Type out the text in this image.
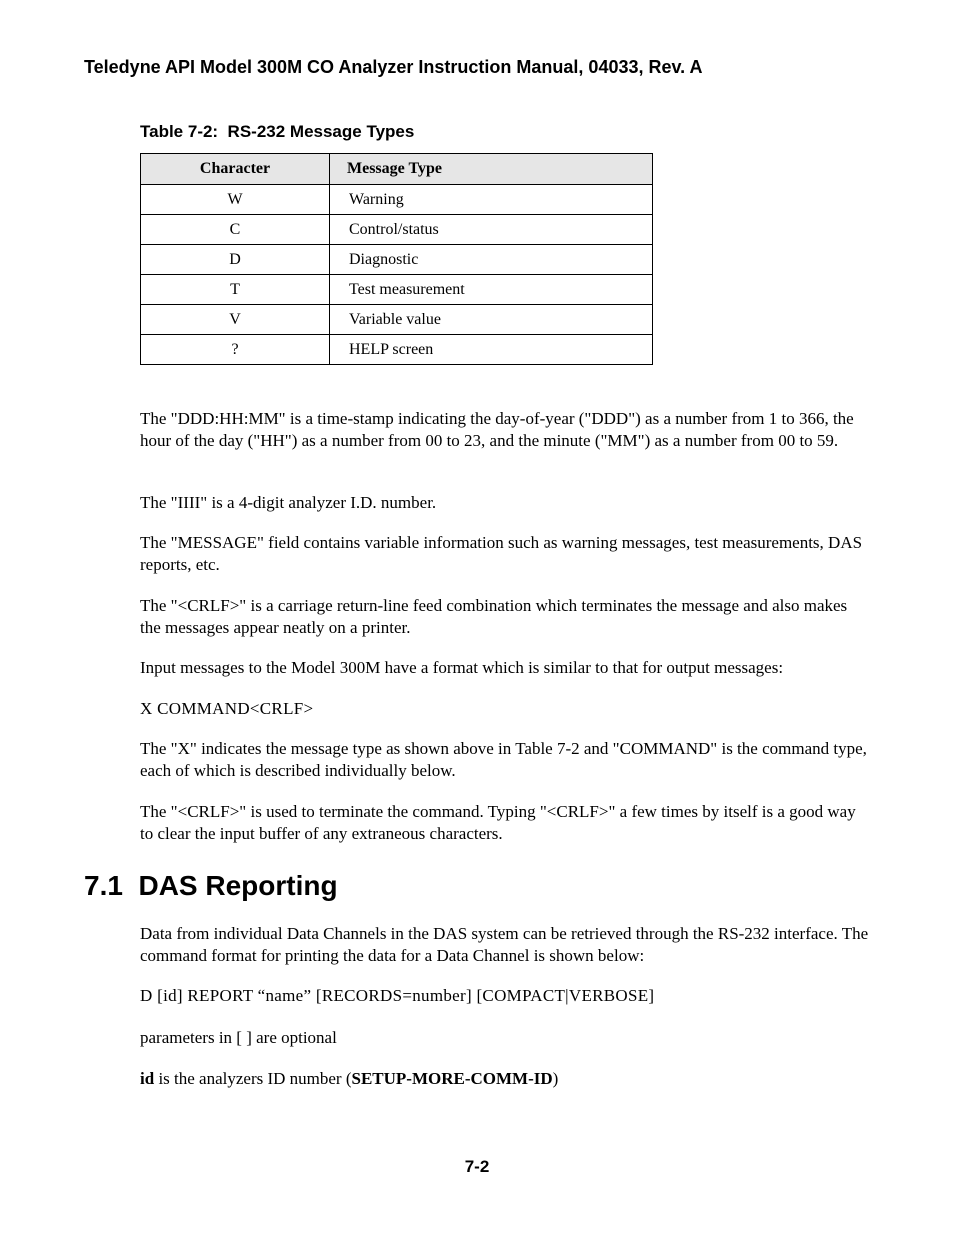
Teledyne API Model 300M CO Analyzer Instruction Manual, 04033, Rev. A
Table 7-2:  RS-232 Message Types
Character	Message Type
W	Warning
C	Control/status
D	Diagnostic
T	Test measurement
V	Variable value
?	HELP screen
The "DDD:HH:MM" is a time-stamp indicating the day-of-year ("DDD") as a number from 1 to 366, the hour of the day ("HH") as a number from 00 to 23, and the minute ("MM") as a number from 00 to 59.
The "IIII" is a 4-digit analyzer I.D. number.
The "MESSAGE" field contains variable information such as warning messages, test measurements, DAS reports, etc.
The "<CRLF>" is a carriage return-line feed combination which terminates the message and also makes the messages appear neatly on a printer.
Input messages to the Model 300M have a format which is similar to that for output messages:
X COMMAND<CRLF>
The "X" indicates the message type as shown above in Table 7-2 and "COMMAND" is the command type, each of which is described individually below.
The "<CRLF>" is used to terminate the command. Typing "<CRLF>" a few times by itself is a good way to clear the input buffer of any extraneous characters.
7.1  DAS Reporting
Data from individual Data Channels in the DAS system can be retrieved through the RS-232 interface. The command format for printing the data for a Data Channel is shown below:
D [id] REPORT “name” [RECORDS=number] [COMPACT|VERBOSE]
parameters in [ ] are optional
id is the analyzers ID number (SETUP-MORE-COMM-ID)
7-2
